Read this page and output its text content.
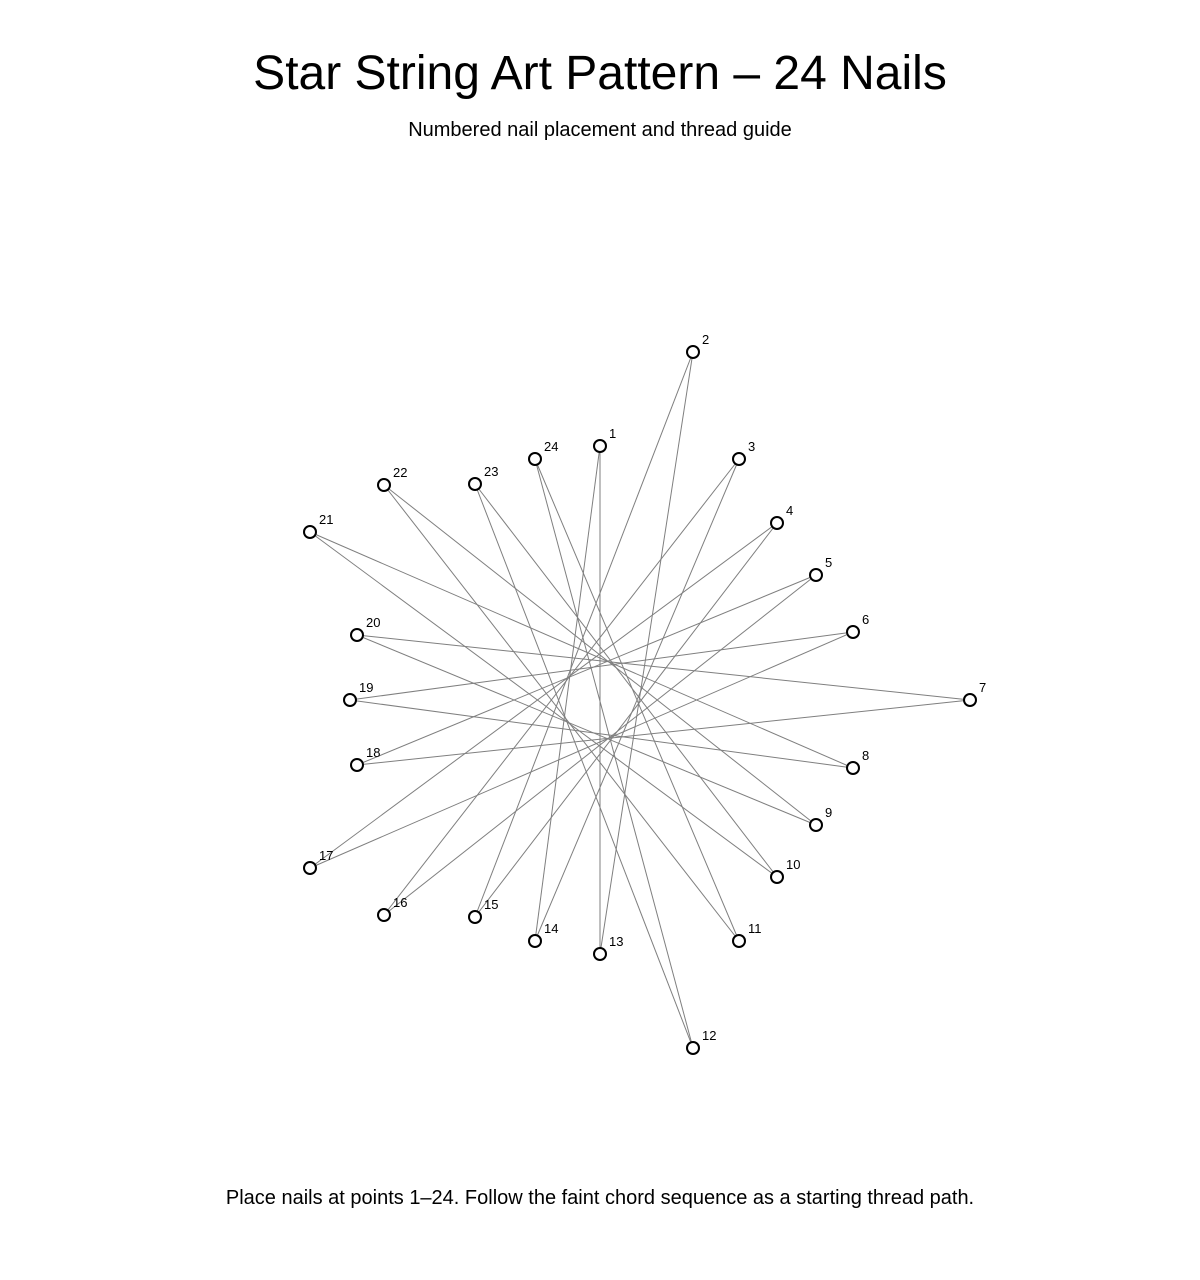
Star String Art Pattern – 24 Nails
Numbered nail placement and thread guide
1
2
3
4
5
6
7
8
9
10
11
12
13
14
15
16
17
18
19
20
21
22	23
24
Place nails at points 1–24. Follow the faint chord sequence as a starting thread path.
